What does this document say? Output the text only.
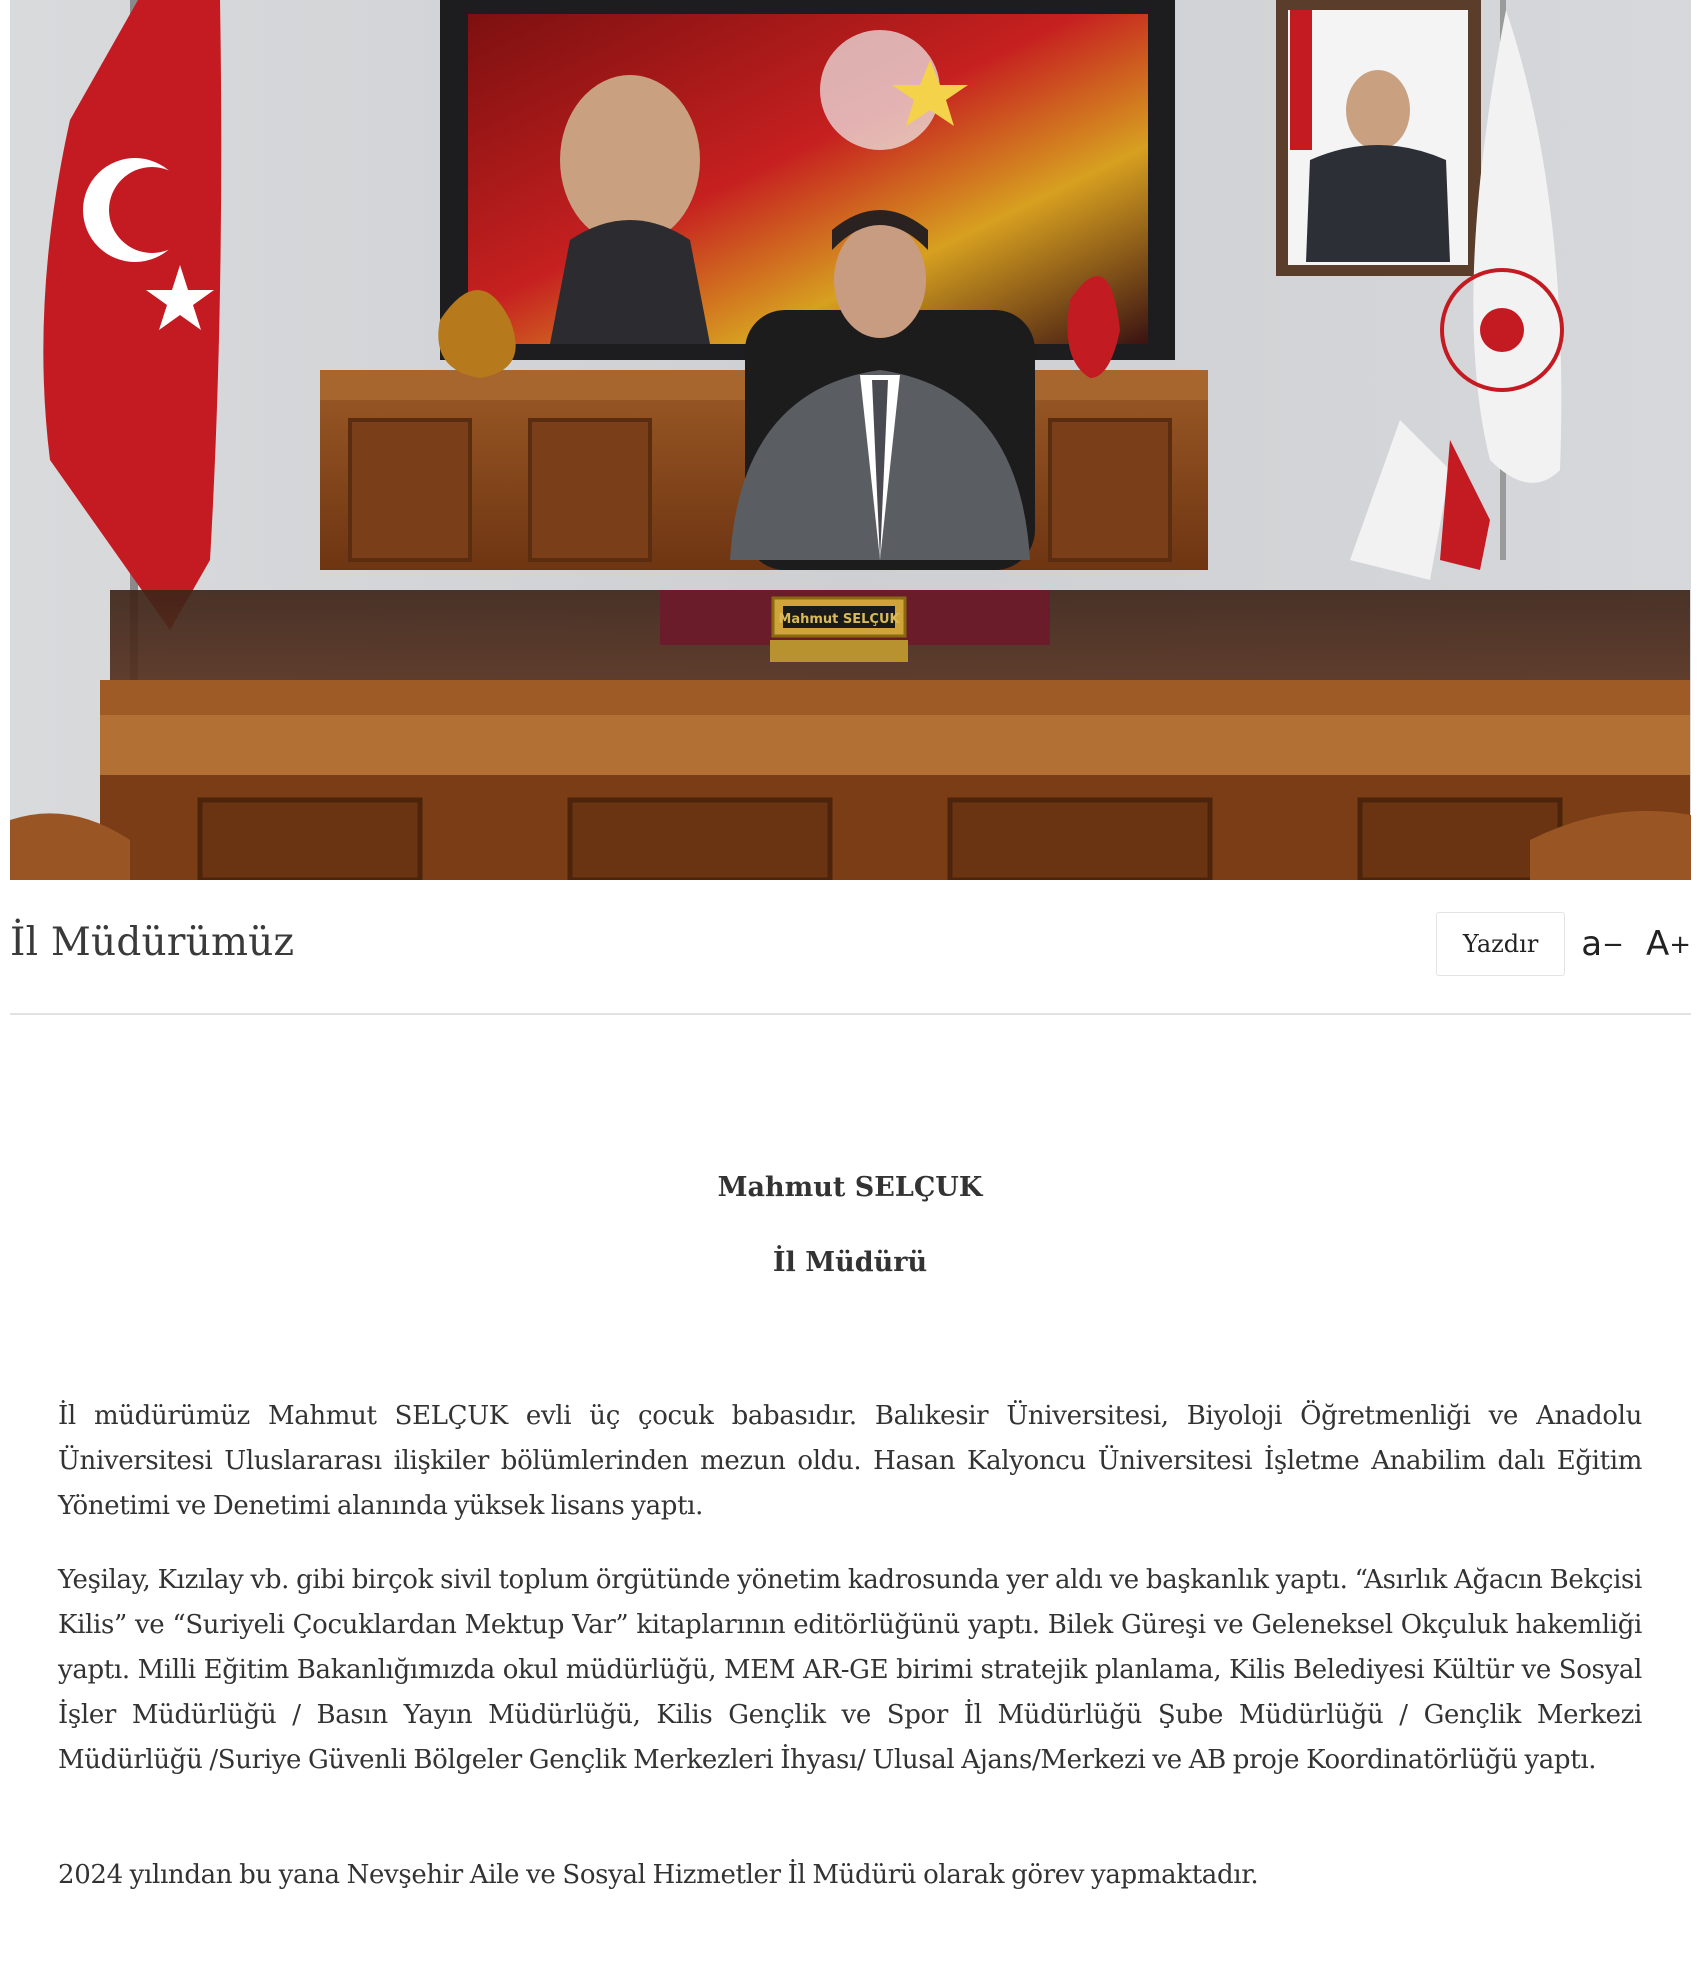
Mahmut SELÇUK
İl Müdürümüz	Yazdır	a− A+

Mahmut SELÇUK

İl Müdürü

İl müdürümüz Mahmut SELÇUK evli üç çocuk babasıdır. Balıkesir Üniversitesi, Biyoloji Öğretmenliği ve Anadolu Üniversitesi Uluslararası ilişkiler bölümlerinden mezun oldu. Hasan Kalyoncu Üniversitesi İşletme Anabilim dalı Eğitim Yönetimi ve Denetimi alanında yüksek lisans yaptı.

Yeşilay, Kızılay vb. gibi birçok sivil toplum örgütünde yönetim kadrosunda yer aldı ve başkanlık yaptı. “Asırlık Ağacın Bekçisi Kilis” ve “Suriyeli Çocuklardan Mektup Var” kitaplarının editörlüğünü yaptı. Bilek Güreşi ve Geleneksel Okçuluk hakemliği yaptı. Milli Eğitim Bakanlığımızda okul müdürlüğü, MEM AR-GE birimi stratejik planlama, Kilis Belediyesi Kültür ve Sosyal İşler Müdürlüğü / Basın Yayın Müdürlüğü, Kilis Gençlik ve Spor İl Müdürlüğü Şube Müdürlüğü / Gençlik Merkezi Müdürlüğü /Suriye Güvenli Bölgeler Gençlik Merkezleri İhyası/ Ulusal Ajans/Merkezi ve AB proje Koordinatörlüğü yaptı.

2024 yılından bu yana Nevşehir Aile ve Sosyal Hizmetler İl Müdürü olarak görev yapmaktadır.
